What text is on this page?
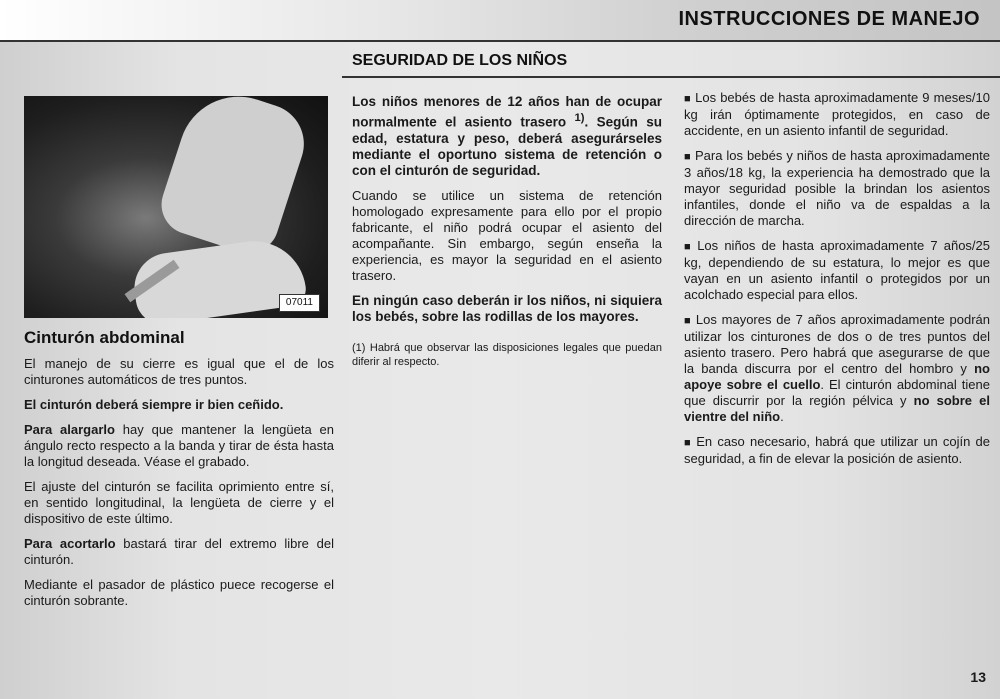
INSTRUCCIONES DE MANEJO
SEGURIDAD DE LOS NIÑOS
07011
Cinturón abdominal

El manejo de su cierre es igual que el de los cinturones automáticos de tres puntos.

El cinturón deberá siempre ir bien ceñido.

Para alargarlo hay que mantener la lengüeta en ángulo recto respecto a la banda y tirar de ésta hasta la longitud deseada. Véase el grabado.

El ajuste del cinturón se facilita oprimiento entre sí, en sentido longitudinal, la lengüeta de cierre y el dispositivo de este último.

Para acortarlo bastará tirar del extremo libre del cinturón.

Mediante el pasador de plástico puece recogerse el cinturón sobrante.

Los niños menores de 12 años han de ocupar normalmente el asiento trasero $^{1)}$. Según su edad, estatura y peso, deberá asegurárseles mediante el oportuno sistema de retención o con el cinturón de seguridad.

Cuando se utilice un sistema de retención homologado expresamente para ello por el propio fabricante, el niño podrá ocupar el asiento del acompañante. Sin embargo, según enseña la experiencia, es mayor la seguridad en el asiento trasero.

En ningún caso deberán ir los niños, ni siquiera los bebés, sobre las rodillas de los mayores.

(1) Habrá que observar las disposiciones legales que puedan diferir al respecto.

■ Los bebés de hasta aproximadamente 9 meses/10 kg irán óptimamente protegidos, en caso de accidente, en un asiento infantil de seguridad.

■ Para los bebés y niños de hasta aproximadamente 3 años/18 kg, la experiencia ha demostrado que la mayor seguridad posible la brindan los asientos infantiles, donde el niño va de espaldas a la dirección de marcha.

■ Los niños de hasta aproximadamente 7 años/25 kg, dependiendo de su estatura, lo mejor es que vayan en un asiento infantil o protegidos por un acolchado especial para ellos.

■ Los mayores de 7 años aproximadamente podrán utilizar los cinturones de dos o de tres puntos del asiento trasero. Pero habrá que asegurarse de que la banda discurra por el centro del hombro y no apoye sobre el cuello. El cinturón abdominal tiene que discurrir por la región pélvica y no sobre el vientre del niño.

■ En caso necesario, habrá que utilizar un cojín de seguridad, a fin de elevar la posición de asiento.

13
